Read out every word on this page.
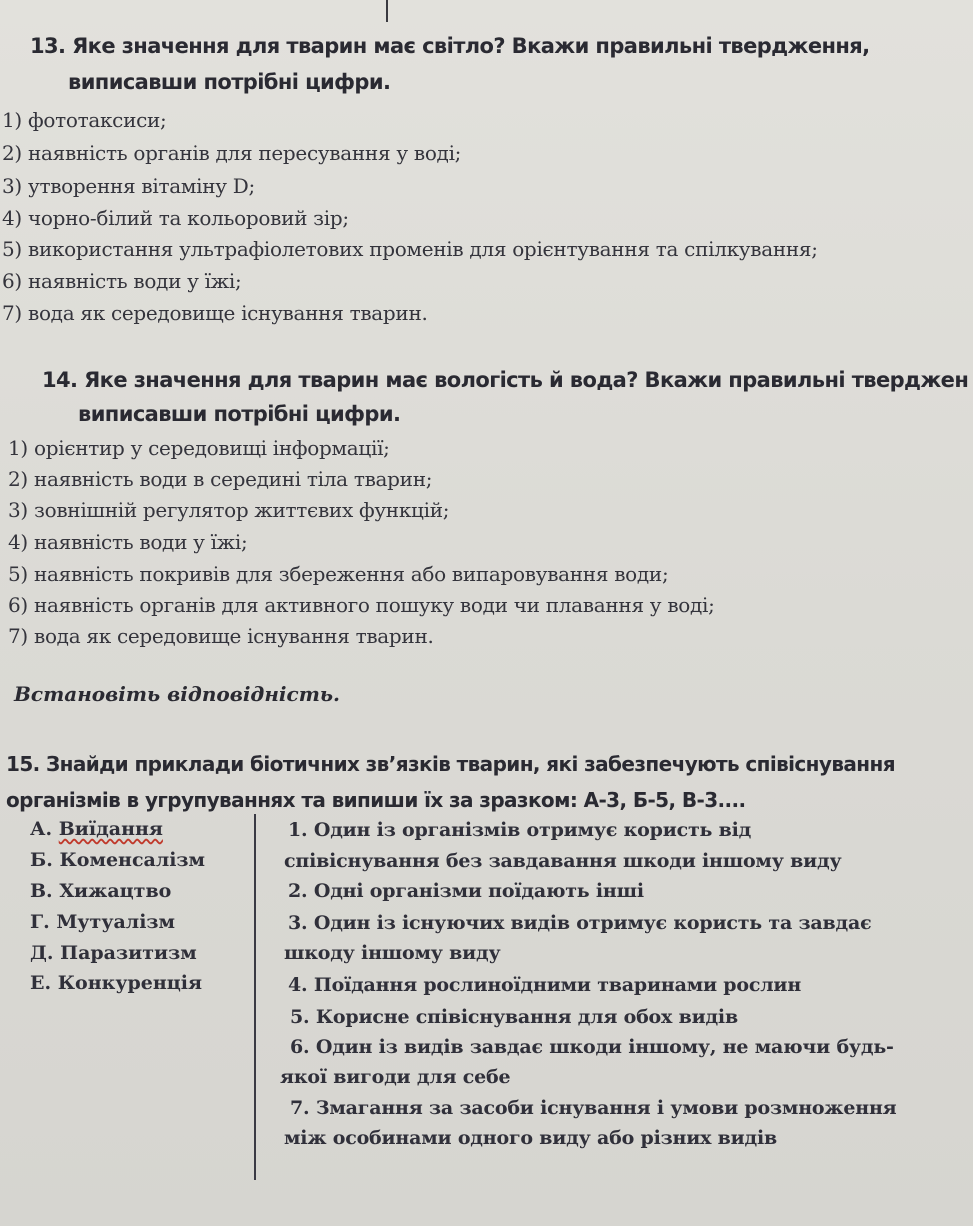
13. Яке значення для тварин має світло? Вкажи правильні твердження,
виписавши потрібні цифри.
1) фототаксиси;
2) наявність органів для пересування у воді;
3) утворення вітаміну D;
4) чорно-білий та кольоровий зір;
5) використання ультрафіолетових променів для орієнтування та спілкування;
6) наявність води у їжі;
7) вода як середовище існування тварин.
14. Яке значення для тварин має вологість й вода? Вкажи правильні тверджен
виписавши потрібні цифри.
1) орієнтир у середовищі інформації;
2) наявність води в середині тіла тварин;
3) зовнішній регулятор життєвих функцій;
4) наявність води у їжі;
5) наявність покривів для збереження або випаровування води;
6) наявність органів для активного пошуку води чи плавання у воді;
7) вода як середовище існування тварин.
Встановіть відповідність.
15. Знайди приклади біотичних зв’язків тварин, які забезпечують співіснування
організмів в угрупуваннях та випиши їх за зразком: А-3, Б-5, В-3....
А. Виїдання
Б. Коменсалізм
В. Хижацтво
Г. Мутуалізм
Д. Паразитизм
Е. Конкуренція
1. Один із організмів отримує користь від
співіснування без завдавання шкоди іншому виду
2. Одні організми поїдають інші
3. Один із існуючих видів отримує користь та завдає
шкоду іншому виду
4. Поїдання рослиноїдними тваринами рослин
5. Корисне співіснування для обох видів
6. Один із видів завдає шкоди іншому, не маючи будь-
якої вигоди для себе
7. Змагання за засоби існування і умови розмноження
між особинами одного виду або різних видів
